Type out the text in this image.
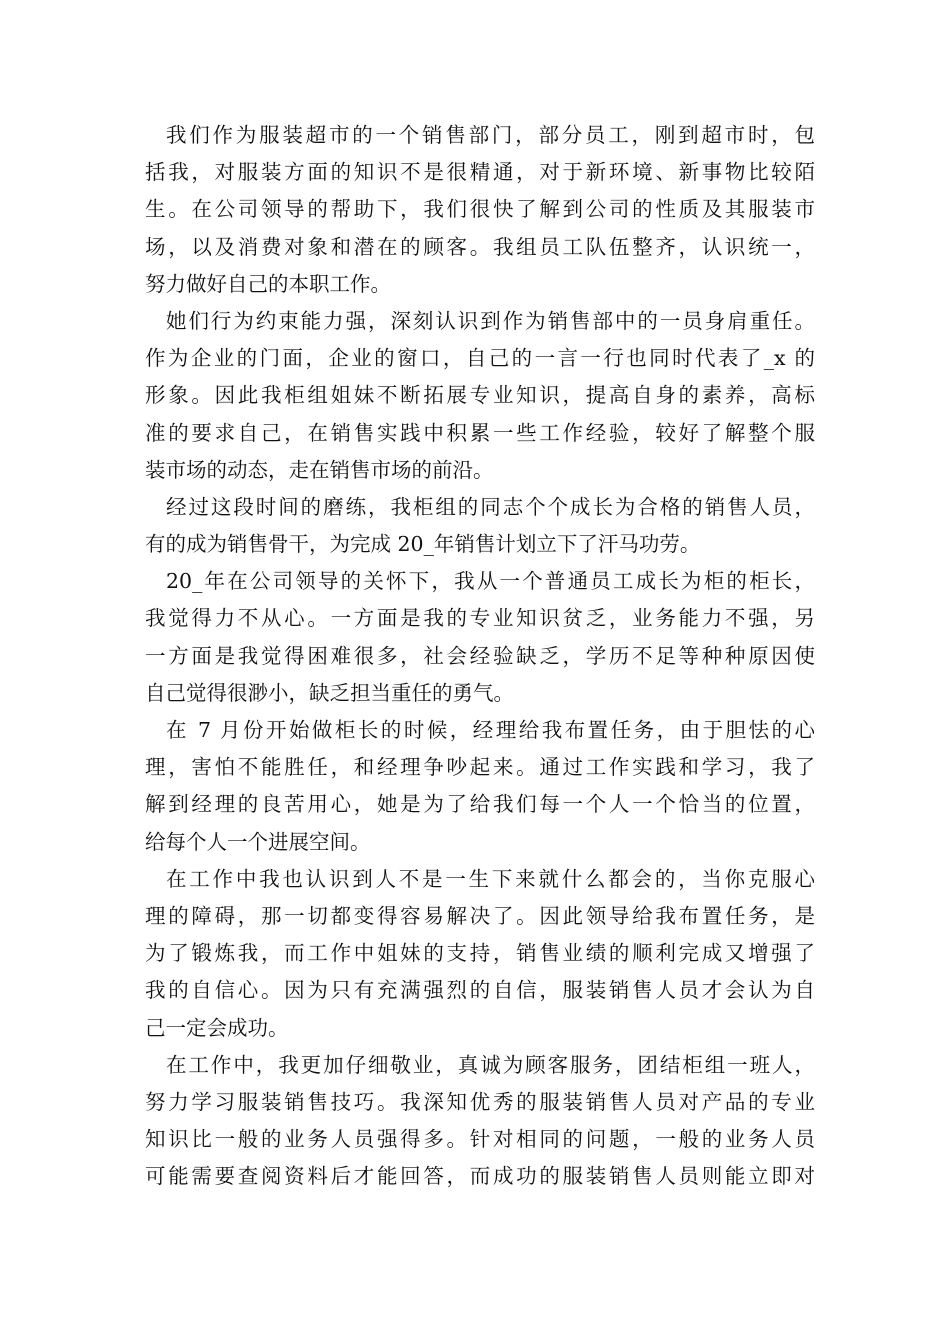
我们作为服装超市的一个销售部门，部分员工，刚到超市时，包
括我，对服装方面的知识不是很精通，对于新环境、新事物比较陌
生。在公司领导的帮助下，我们很快了解到公司的性质及其服装市
场，以及消费对象和潜在的顾客。我组员工队伍整齐，认识统一，
努力做好自己的本职工作。
她们行为约束能力强，深刻认识到作为销售部中的一员身肩重任。
作为企业的门面，企业的窗口，自己的一言一行也同时代表了_x 的
形象。因此我柜组姐妹不断拓展专业知识，提高自身的素养，高标
准的要求自己，在销售实践中积累一些工作经验，较好了解整个服
装市场的动态，走在销售市场的前沿。
经过这段时间的磨练，我柜组的同志个个成长为合格的销售人员，
有的成为销售骨干，为完成 20_年销售计划立下了汗马功劳。
20_年在公司领导的关怀下，我从一个普通员工成长为柜的柜长，
我觉得力不从心。一方面是我的专业知识贫乏，业务能力不强，另
一方面是我觉得困难很多，社会经验缺乏，学历不足等种种原因使
自己觉得很渺小，缺乏担当重任的勇气。
在 7 月份开始做柜长的时候，经理给我布置任务，由于胆怯的心
理，害怕不能胜任，和经理争吵起来。通过工作实践和学习，我了
解到经理的良苦用心，她是为了给我们每一个人一个恰当的位置，
给每个人一个进展空间。
在工作中我也认识到人不是一生下来就什么都会的，当你克服心
理的障碍，那一切都变得容易解决了。因此领导给我布置任务，是
为了锻炼我，而工作中姐妹的支持，销售业绩的顺利完成又增强了
我的自信心。因为只有充满强烈的自信，服装销售人员才会认为自
己一定会成功。
在工作中，我更加仔细敬业，真诚为顾客服务，团结柜组一班人，
努力学习服装销售技巧。我深知优秀的服装销售人员对产品的专业
知识比一般的业务人员强得多。针对相同的问题，一般的业务人员
可能需要查阅资料后才能回答，而成功的服装销售人员则能立即对
